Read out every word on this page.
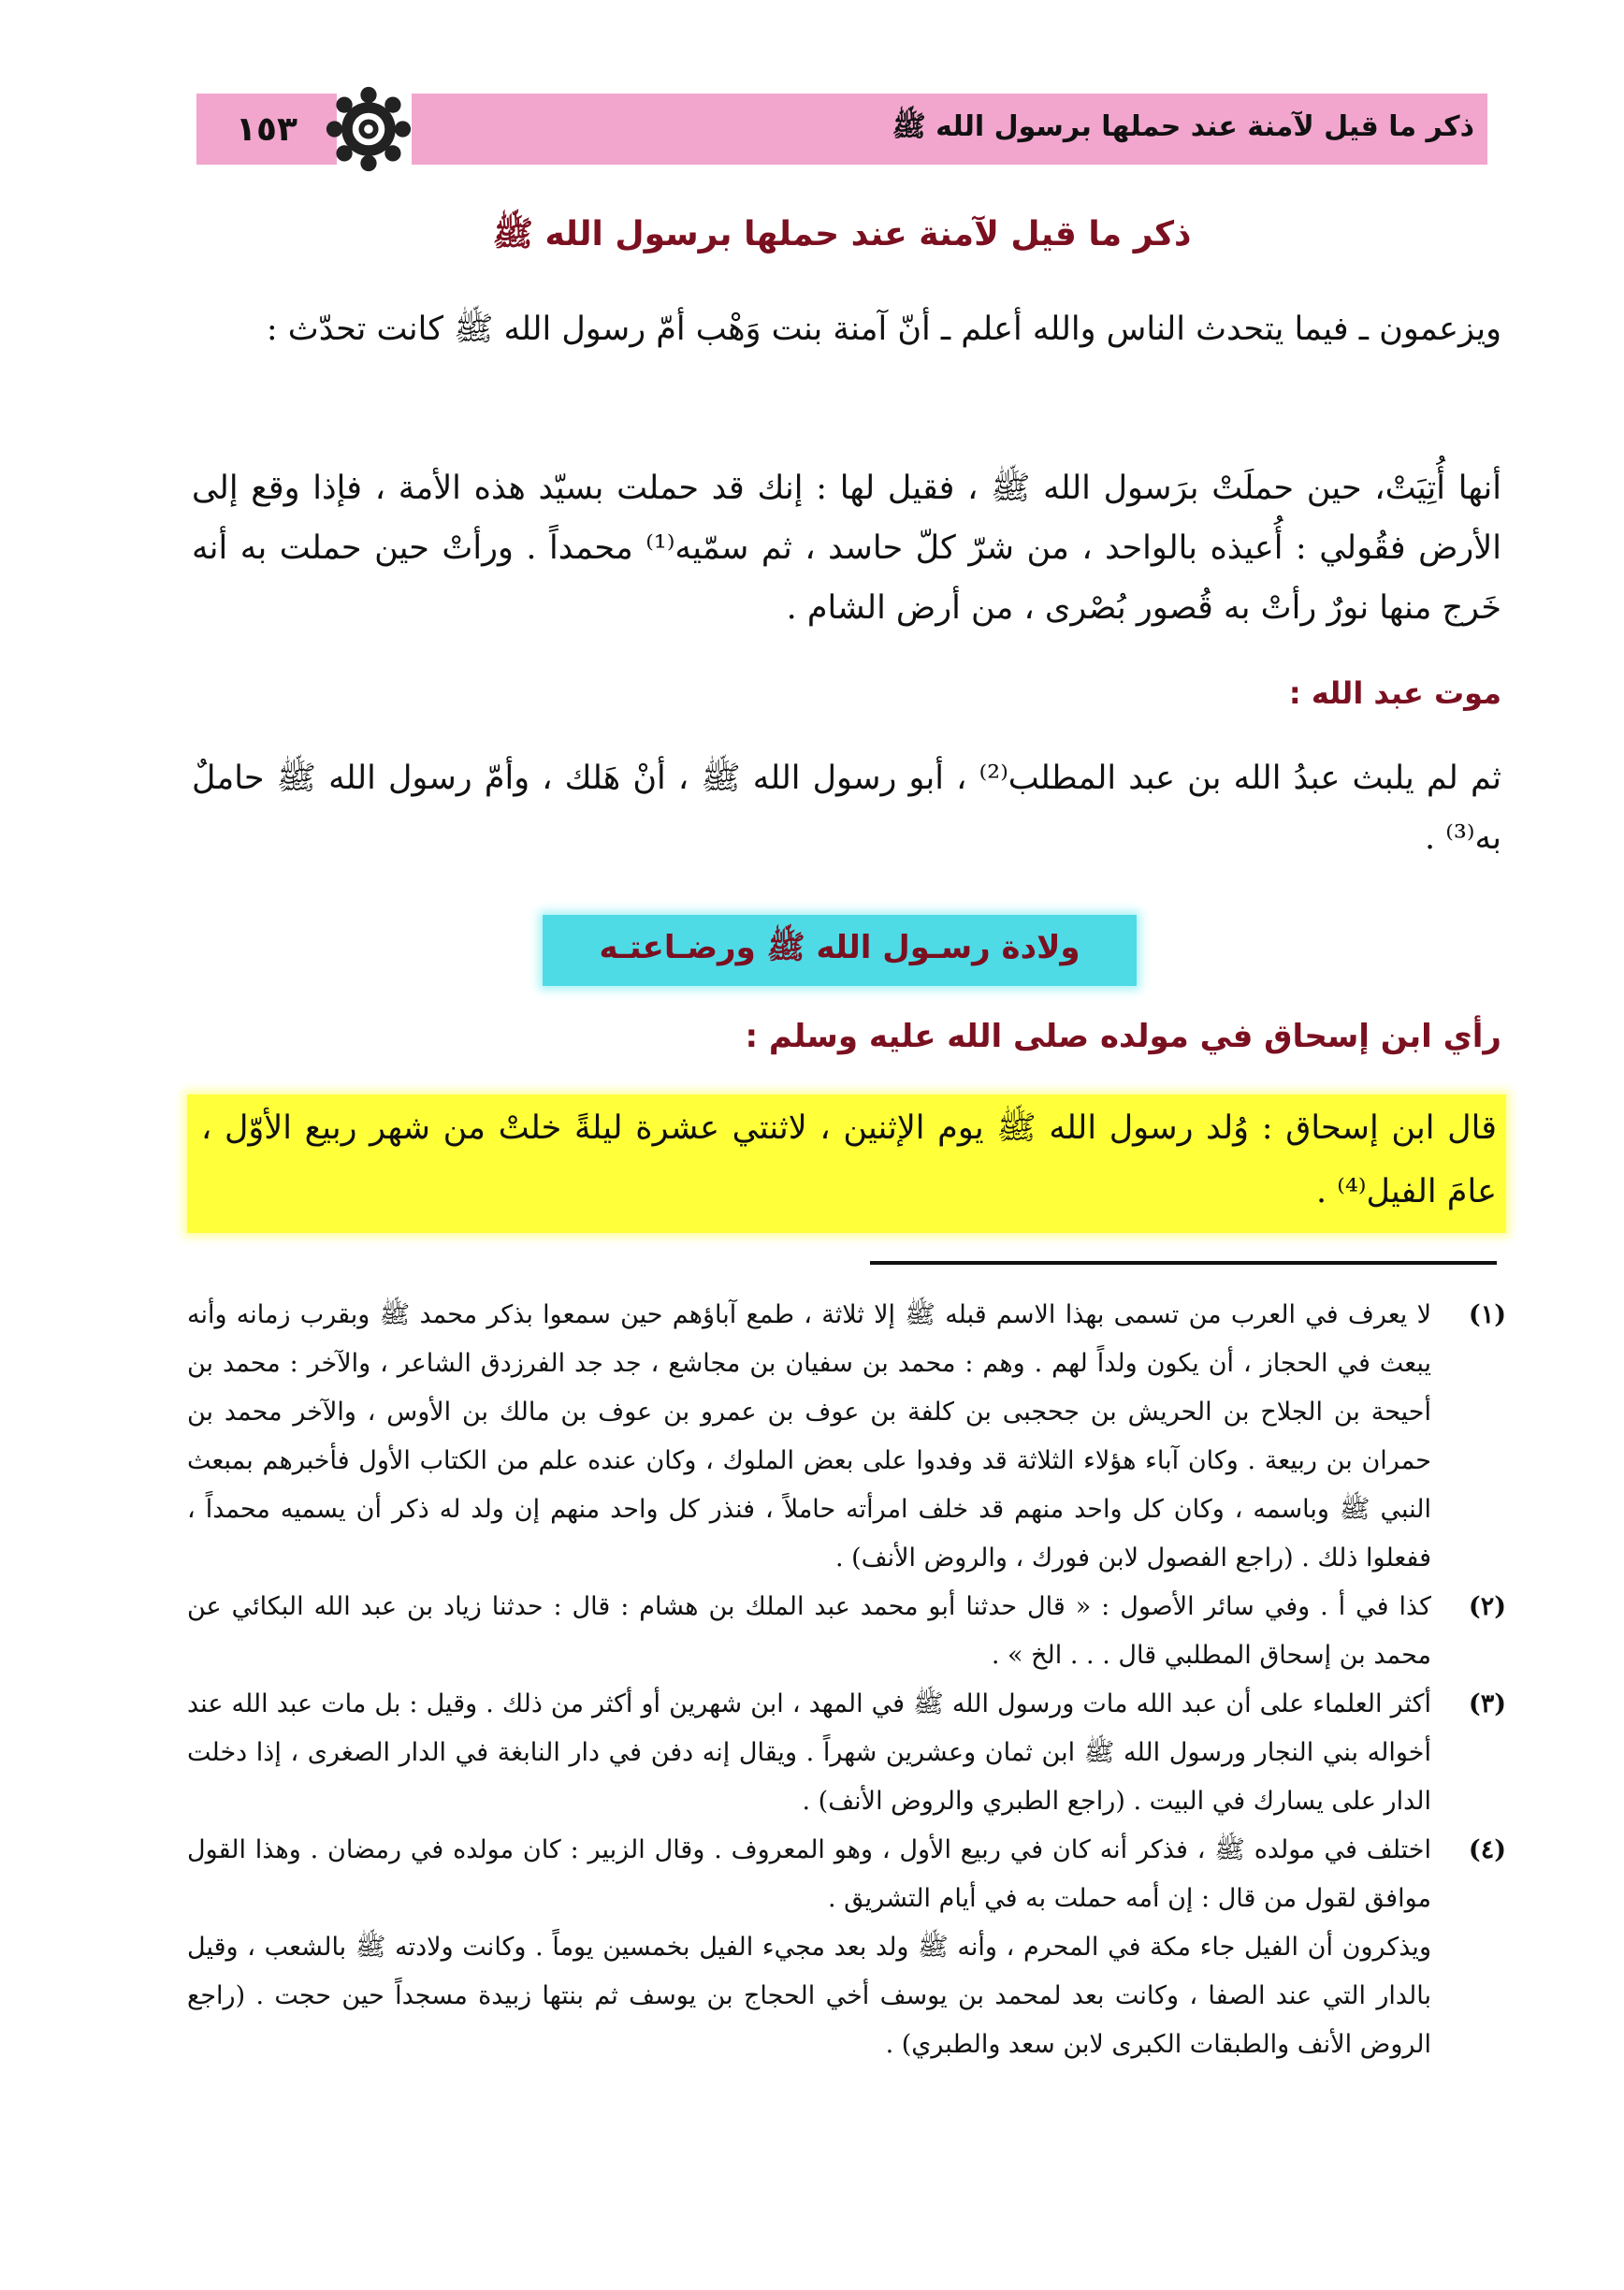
١٥٣	ذكر ما قيل لآمنة عند حملها برسول الله ﷺ
ذكر ما قيل لآمنة عند حملها برسول الله ﷺ
ويزعمون ـ فيما يتحدث الناس والله أعلم ـ أنّ آمنة بنت وَهْب أمّ رسول الله ﷺ كانت تحدّث :
أنها أُتِيَتْ، حين حملَتْ برَسول الله ﷺ ، فقيل لها : إنك قد حملت بسيّد هذه الأمة ، فإذا وقع إلى الأرض فقُولي : أُعيذه بالواحد ، من شرّ كلّ حاسد ، ثم سمّيه⁽¹⁾ محمداً . ورأتْ حين حملت به أنه خَرج منها نورٌ رأتْ به قُصور بُصْرى ، من أرض الشام .
موت عبد الله :
ثم لم يلبث عبدُ الله بن عبد المطلب⁽²⁾ ، أبو رسول الله ﷺ ، أنْ هَلك ، وأمّ رسول الله ﷺ حاملٌ به⁽³⁾ .
ولادة رسـول الله ﷺ ورضـاعتـه
رأي ابن إسحاق في مولده صلى الله عليه وسلم :
قال ابن إسحاق : وُلد رسول الله ﷺ يوم الإثنين ، لاثنتي عشرة ليلةً خلتْ من شهر ربيع الأوّل ، عامَ الفيل⁽⁴⁾ .
(١)
لا يعرف في العرب من تسمى بهذا الاسم قبله ﷺ إلا ثلاثة ، طمع آباؤهم حين سمعوا بذكر محمد ﷺ وبقرب زمانه وأنه يبعث في الحجاز ، أن يكون ولداً لهم . وهم : محمد بن سفيان بن مجاشع ، جد جد الفرزدق الشاعر ، والآخر : محمد بن أحيحة بن الجلاح بن الحريش بن جحجبى بن كلفة بن عوف بن عمرو بن عوف بن مالك بن الأوس ، والآخر محمد بن حمران بن ربيعة . وكان آباء هؤلاء الثلاثة قد وفدوا على بعض الملوك ، وكان عنده علم من الكتاب الأول فأخبرهم بمبعث النبي ﷺ وباسمه ، وكان كل واحد منهم قد خلف امرأته حاملاً ، فنذر كل واحد منهم إن ولد له ذكر أن يسميه محمداً ، ففعلوا ذلك . (راجع الفصول لابن فورك ، والروض الأنف) .
(٢)
كذا في أ . وفي سائر الأصول : « قال حدثنا أبو محمد عبد الملك بن هشام : قال : حدثنا زياد بن عبد الله البكائي عن محمد بن إسحاق المطلبي قال . . . الخ » .
(٣)
أكثر العلماء على أن عبد الله مات ورسول الله ﷺ في المهد ، ابن شهرين أو أكثر من ذلك . وقيل : بل مات عبد الله عند أخواله بني النجار ورسول الله ﷺ ابن ثمان وعشرين شهراً . ويقال إنه دفن في دار النابغة في الدار الصغرى ، إذا دخلت الدار على يسارك في البيت . (راجع الطبري والروض الأنف) .
(٤)
اختلف في مولده ﷺ ، فذكر أنه كان في ربيع الأول ، وهو المعروف . وقال الزبير : كان مولده في رمضان . وهذا القول موافق لقول من قال : إن أمه حملت به في أيام التشريق .
ويذكرون أن الفيل جاء مكة في المحرم ، وأنه ﷺ ولد بعد مجيء الفيل بخمسين يوماً . وكانت ولادته ﷺ بالشعب ، وقيل بالدار التي عند الصفا ، وكانت بعد لمحمد بن يوسف أخي الحجاج بن يوسف ثم بنتها زبيدة مسجداً حين حجت . (راجع الروض الأنف والطبقات الكبرى لابن سعد والطبري) .
